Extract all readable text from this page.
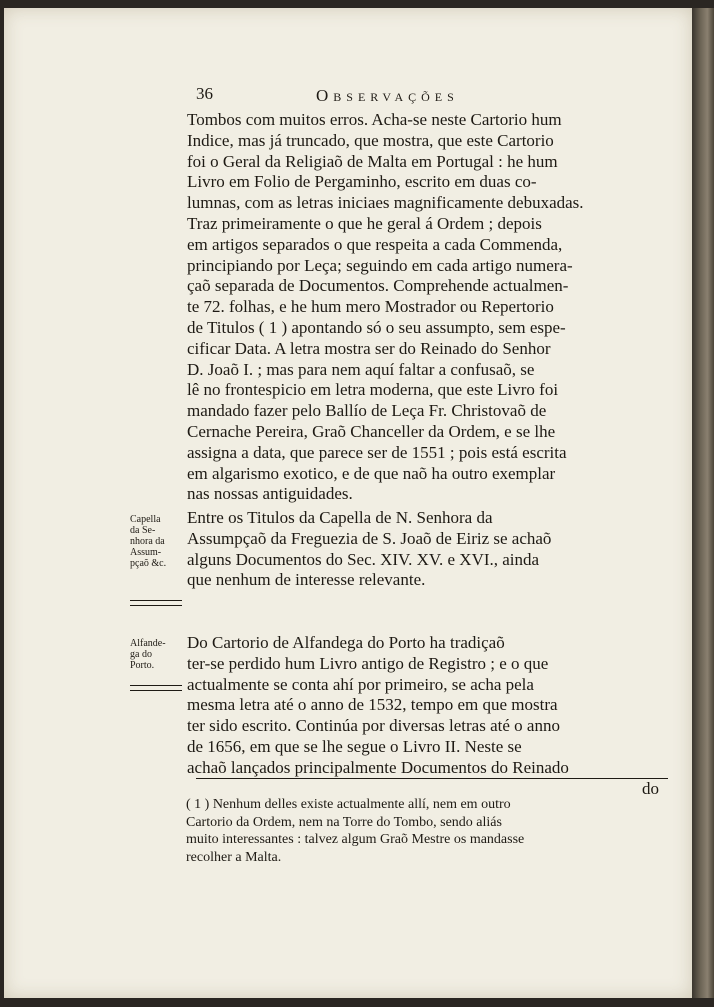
36	Observações

Tombos com muitos erros. Acha-se neste Cartorio hum
Indice, mas já truncado, que mostra, que este Cartorio
foi o Geral da Religiaõ de Malta em Portugal : he hum
Livro em Folio de Pergaminho, escrito em duas co-
lumnas, com as letras iniciaes magnificamente debuxadas.
Traz primeiramente o que he geral á Ordem ; depois
em artigos separados o que respeita a cada Commenda,
principiando por Leça; seguindo em cada artigo numera-
çaõ separada de Documentos. Comprehende actualmen-
te 72. folhas, e he hum mero Mostrador ou Repertorio
de Titulos ( 1 ) apontando só o seu assumpto, sem espe-
cificar Data. A letra mostra ser do Reinado do Senhor
D. Joaõ I. ; mas para nem aquí faltar a confusaõ, se
lê no frontespicio em letra moderna, que este Livro foi
mandado fazer pelo Ballío de Leça Fr. Christovaõ de
Cernache Pereira, Graõ Chanceller da Ordem, e se lhe
assigna a data, que parece ser de 1551 ; pois está escrita
em algarismo exotico, e de que naõ ha outro exemplar
nas nossas antiguidades.

Capella
da Se-
nhora da
Assum-
pçaõ &c.

Entre os Titulos da Capella de N. Senhora da
Assumpçaõ da Freguezia de S. Joaõ de Eiriz se achaõ
alguns Documentos do Sec. XIV. XV. e XVI., ainda
que nenhum de interesse relevante.

Alfande-
ga do
Porto.

Do Cartorio de Alfandega do Porto ha tradiçaõ
ter-se perdido hum Livro antigo de Registro ; e o que
actualmente se conta ahí por primeiro, se acha pela
mesma letra até o anno de 1532, tempo em que mostra
ter sido escrito. Continúa por diversas letras até o anno
de 1656, em que se lhe segue o Livro II. Neste se
achaõ lançados principalmente Documentos do Reinado
do

( 1 ) Nenhum delles existe actualmente allí, nem em outro
Cartorio da Ordem, nem na Torre do Tombo, sendo aliás
muito interessantes : talvez algum Graõ Mestre os mandasse
recolher a Malta.
